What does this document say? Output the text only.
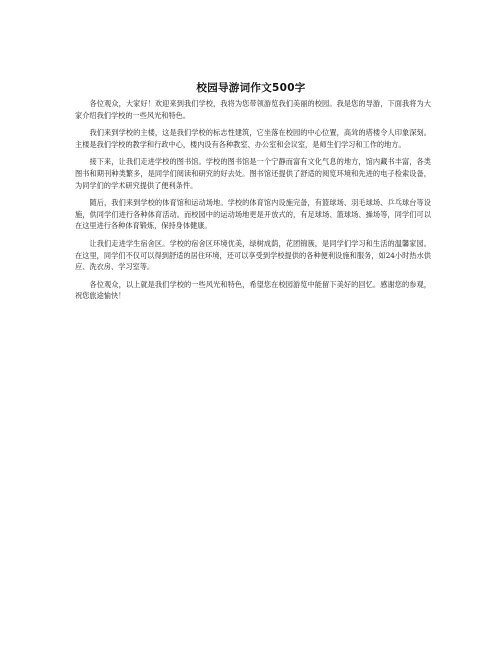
校园导游词作文500字

各位观众，大家好！欢迎来到我们学校，我将为您带领游览我们美丽的校园。我是您的导游，下面我将为大家介绍我们学校的一些风光和特色。

我们来到学校的主楼，这是我们学校的标志性建筑，它坐落在校园的中心位置，高耸的塔楼令人印象深刻。主楼是我们学校的教学和行政中心，楼内设有各种教室、办公室和会议室，是师生们学习和工作的地方。

接下来，让我们走进学校的图书馆。学校的图书馆是一个宁静而富有文化气息的地方，馆内藏书丰富，各类图书和期刊种类繁多，是同学们阅读和研究的好去处。图书馆还提供了舒适的阅览环境和先进的电子检索设备，为同学们的学术研究提供了便利条件。

随后，我们来到学校的体育馆和运动场地。学校的体育馆内设施完备，有篮球场、羽毛球场、乒乓球台等设施，供同学们进行各种体育活动。而校园中的运动场地更是开放式的，有足球场、篮球场、操场等，同学们可以在这里进行各种体育锻炼，保持身体健康。

让我们走进学生宿舍区。学校的宿舍区环境优美，绿树成荫，花团锦簇，是同学们学习和生活的温馨家园。在这里，同学们不仅可以得到舒适的居住环境，还可以享受到学校提供的各种便利设施和服务，如24小时热水供应、洗衣房、学习室等。

各位观众，以上就是我们学校的一些风光和特色，希望您在校园游览中能留下美好的回忆。感谢您的参观，祝您旅途愉快！
